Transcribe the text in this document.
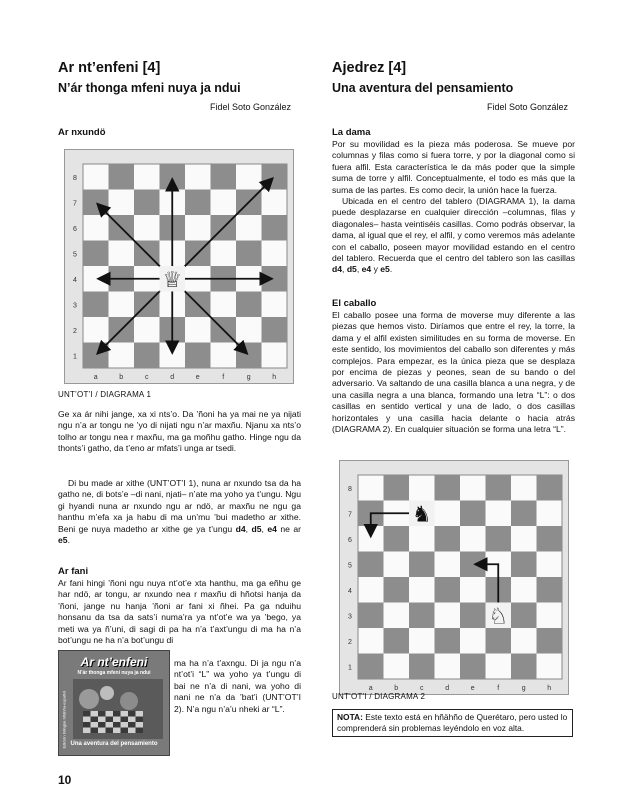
Ar nt’enfeni [4]
N’ár thonga mfeni nuya ja ndui
Fidel Soto González
Ar nxundö
1
2
3
4
5
6
7
8
a	b	c	d	e	f	g	h
♕
UNT’OT’I / DIAGRAMA 1

Ge xa ár nihi jange, xa xi nts’o. Da ’ñoni ha ya mai ne ya nijati ngu n’a ar tongu ne ’yo di nijati ngu n’ar maxñu. Njanu xa nts’o tolho ar tongu nea r maxñu, ma ga moñhu gatho. Hinge ngu da thonts’i gatho, da t’eno ar mfats’i unga ar tsedi.

Di bu made ar xithe (UNT’OT’I 1), nuna ar nxundo tsa da ha gatho ne, di bots’e –di nani, njati– n’ate ma yoho ya t’ungu. Ngu gi hyandi nuna ar nxundo ngu ar ndö, ar maxñu ne ngu ga hanthu m’efa xa ja habu di ma un’mu ’bui madetho ar xithe. Beni ge nuya madetho ar xithe ge ya t’ungu d4, d5, e4 ne ar e5.

Ar fani

Ar fani hingi ’ñoni ngu nuya nt’ot’e xta hanthu, ma ga eñhu ge har ndö, ar tongu, ar nxundo nea r maxñu di hñotsi hanja da ’ñoni, jange nu hanja ’ñoni ar fani xi ñhei. Pa ga nduihu honsanu da tsa da sats’i numa’ra ya nt’ot’e wa ya ’bego, ya meti wa ya ñ’uni, di sagi di pa ha n’a t’axt’ungu di ma ha n’a bot’ungu ne ha n’a bot’ungu di

ma ha n’a t’axngu. Di ja ngu n’a nt’ot’i “L” wa yoho ya t’ungu di bai ne n’a di nani, wa yoho di nani ne n’a da ’bat’i (UNT’OT’I 2). N’a ngu n’a’u nheki ar “L”.

Ar nt’enfeni
N’ár thonga mfeni nuya ja ndui
Edición bilingüe hñähñu-español Una aventura del pensamiento
10
Ajedrez [4]
Una aventura del pensamiento
Fidel Soto González
La dama

Por su movilidad es la pieza más poderosa. Se mueve por columnas y filas como si fuera torre, y por la diagonal como si fuera alfil. Esta característica le da más poder que la simple suma de torre y alfil. Conceptualmente, el todo es más que la suma de las partes. Es como decir, la unión hace la fuerza.

Ubicada en el centro del tablero (DIAGRAMA 1), la dama puede desplazarse en cualquier dirección –columnas, filas y diagonales– hasta veintiséis casillas. Como podrás observar, la dama, al igual que el rey, el alfil, y como veremos más adelante con el caballo, poseen mayor movilidad estando en el centro del tablero. Recuerda que el centro del tablero son las casillas d4, d5, e4 y e5.

El caballo

El caballo posee una forma de moverse muy diferente a las piezas que hemos visto. Diríamos que entre el rey, la torre, la dama y el alfil existen similitudes en su forma de moverse. En este sentido, los movimientos del caballo son diferentes y más complejos. Para empezar, es la única pieza que se desplaza por encima de piezas y peones, sean de su bando o del adversario. Va saltando de una casilla blanca a una negra, y de una casilla negra a una blanca, formando una letra “L”: o dos casillas en sentido vertical y una de lado, o dos casillas horizontales y una casilla hacia delante o hacia atrás (DIAGRAMA 2). En cualquier situación se forma una letra “L”.

1
2
3
4
5
6
7
8
a	b	c	d	e	f	g	h
♞
♘
UNT’OT’I / DIAGRAMA 2
NOTA: Este texto está en hñähño de Querétaro, pero usted lo comprenderá sin problemas leyéndolo en voz alta.
